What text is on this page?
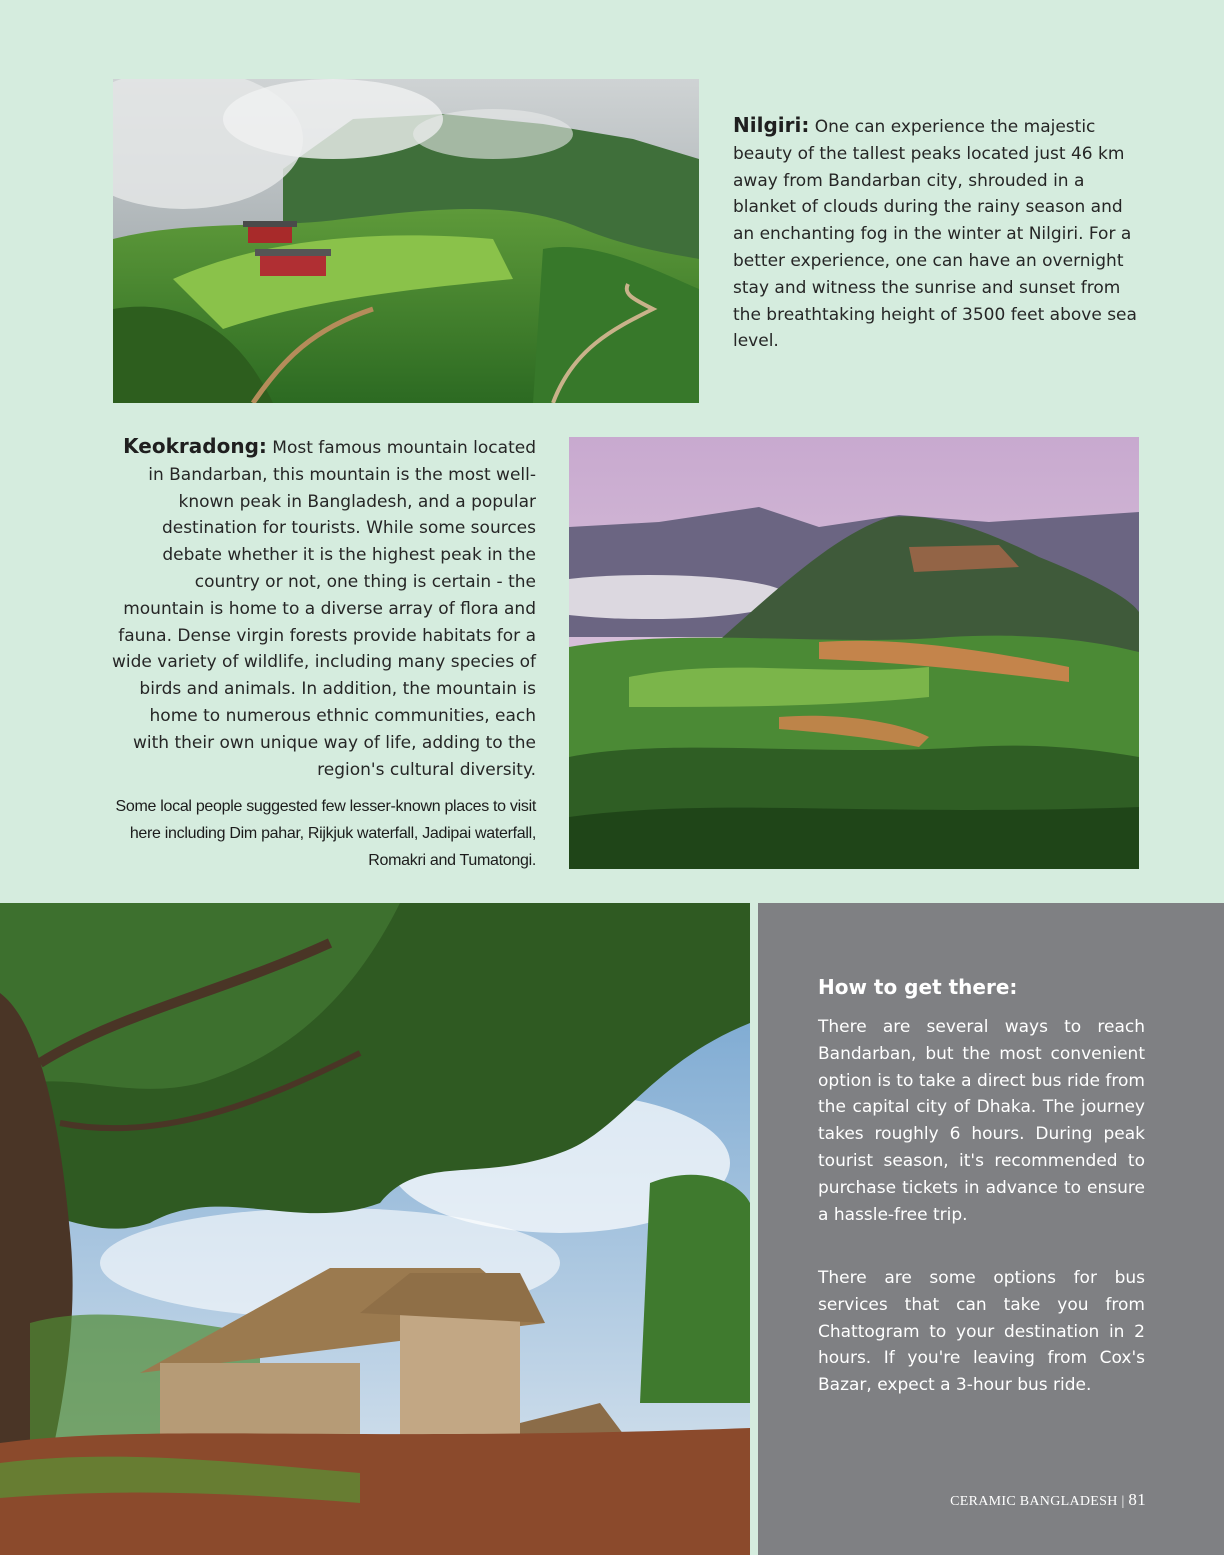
Nilgiri: One can experience the majestic beauty of the tallest peaks located just 46 km away from Bandarban city, shrouded in a blanket of clouds during the rainy season and an enchanting fog in the winter at Nilgiri. For a better experience, one can have an overnight stay and witness the sunrise and sunset from the breathtaking height of 3500 feet above sea level.
Keokradong: Most famous mountain located in Bandarban, this mountain is the most well-known peak in Bangladesh, and a popular destination for tourists. While some sources debate whether it is the highest peak in the country or not, one thing is certain - the mountain is home to a diverse array of flora and fauna. Dense virgin forests provide habitats for a wide variety of wildlife, including many species of birds and animals. In addition, the mountain is home to numerous ethnic communities, each with their own unique way of life, adding to the region's cultural diversity.
Some local people suggested few lesser-known places to visit here including Dim pahar, Rijkjuk waterfall, Jadipai waterfall, Romakri and Tumatongi.
How to get there:

There are several ways to reach Bandarban, but the most convenient option is to take a direct bus ride from the capital city of Dhaka. The journey takes roughly 6 hours. During peak tourist season, it's recommended to purchase tickets in advance to ensure a hassle-free trip.

There are some options for bus services that can take you from Chattogram to your destination in 2 hours. If you're leaving from Cox's Bazar, expect a 3-hour bus ride.

CERAMIC BANGLADESH | 81
